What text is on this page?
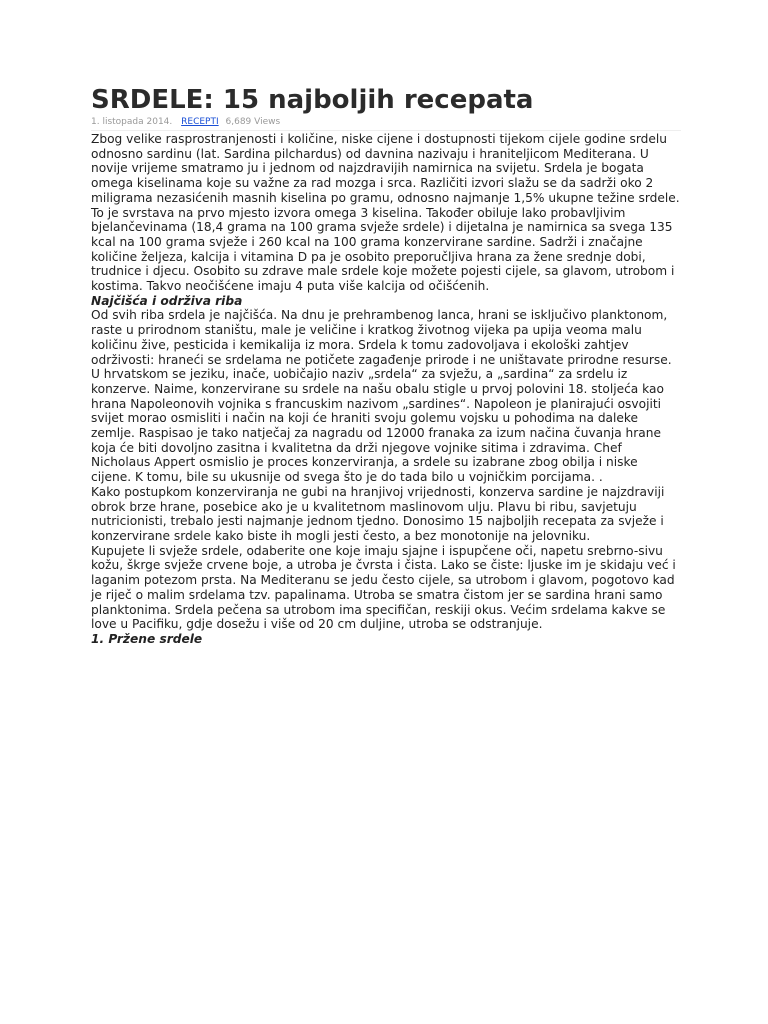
SRDELE: 15 najboljih recepata
1. listopada 2014. RECEPTI 6,689 Views

Zbog velike rasprostranjenosti i količine, niske cijene i dostupnosti tijekom cijele godine srdelu odnosno sardinu (lat. Sardina pilchardus) od davnina nazivaju i hraniteljicom Mediterana. U novije vrijeme smatramo ju i jednom od najzdravijih namirnica na svijetu. Srdela je bogata omega kiselinama koje su važne za rad mozga i srca. Različiti izvori slažu se da sadrži oko 2 miligrama nezasićenih masnih kiselina po gramu, odnosno najmanje 1,5% ukupne težine srdele. To je svrstava na prvo mjesto izvora omega 3 kiselina. Također obiluje lako probavljivim bjelančevinama (18,4 grama na 100 grama svježe srdele) i dijetalna je namirnica sa svega 135 kcal na 100 grama svježe i 260 kcal na 100 grama konzervirane sardine. Sadrži i značajne količine željeza, kalcija i vitamina D pa je osobito preporučljiva hrana za žene srednje dobi, trudnice i djecu. Osobito su zdrave male srdele koje možete pojesti cijele, sa glavom, utrobom i kostima. Takvo neočišćene imaju 4 puta više kalcija od očišćenih.

Najčišća i održiva riba

Od svih riba srdela je najčišća. Na dnu je prehrambenog lanca, hrani se isključivo planktonom, raste u prirodnom staništu, male je veličine i kratkog životnog vijeka pa upija veoma malu količinu žive, pesticida i kemikalija iz mora. Srdela k tomu zadovoljava i ekološki zahtjev održivosti: hraneći se srdelama ne potičete zagađenje prirode i ne uništavate prirodne resurse.

U hrvatskom se jeziku, inače, uobičajio naziv „srdela“ za svježu, a „sardina“ za srdelu iz konzerve. Naime, konzervirane su srdele na našu obalu stigle u prvoj polovini 18. stoljeća kao hrana Napoleonovih vojnika s francuskim nazivom „sardines“. Napoleon je planirajući osvojiti svijet morao osmisliti i način na koji će hraniti svoju golemu vojsku u pohodima na daleke zemlje. Raspisao je tako natječaj za nagradu od 12000 franaka za izum načina čuvanja hrane koja će biti dovoljno zasitna i kvalitetna da drži njegove vojnike sitima i zdravima. Chef Nicholaus Appert osmislio je proces konzerviranja, a srdele su izabrane zbog obilja i niske cijene. K tomu, bile su ukusnije od svega što je do tada bilo u vojničkim porcijama. .

Kako postupkom konzerviranja ne gubi na hranjivoj vrijednosti, konzerva sardine je najzdraviji obrok brze hrane, posebice ako je u kvalitetnom maslinovom ulju. Plavu bi ribu, savjetuju nutricionisti, trebalo jesti najmanje jednom tjedno. Donosimo 15 najboljih recepata za svježe i konzervirane srdele kako biste ih mogli jesti često, a bez monotonije na jelovniku.

Kupujete li svježe srdele, odaberite one koje imaju sjajne i ispupčene oči, napetu srebrno-sivu kožu, škrge svježe crvene boje, a utroba je čvrsta i čista. Lako se čiste: ljuske im je skidaju već i laganim potezom prsta. Na Mediteranu se jedu često cijele, sa utrobom i glavom, pogotovo kad je riječ o malim srdelama tzv. papalinama. Utroba se smatra čistom jer se sardina hrani samo planktonima. Srdela pečena sa utrobom ima specifičan, reskiji okus. Većim srdelama kakve se love u Pacifiku, gdje dosežu i više od 20 cm duljine, utroba se odstranjuje.

1. Pržene srdele
